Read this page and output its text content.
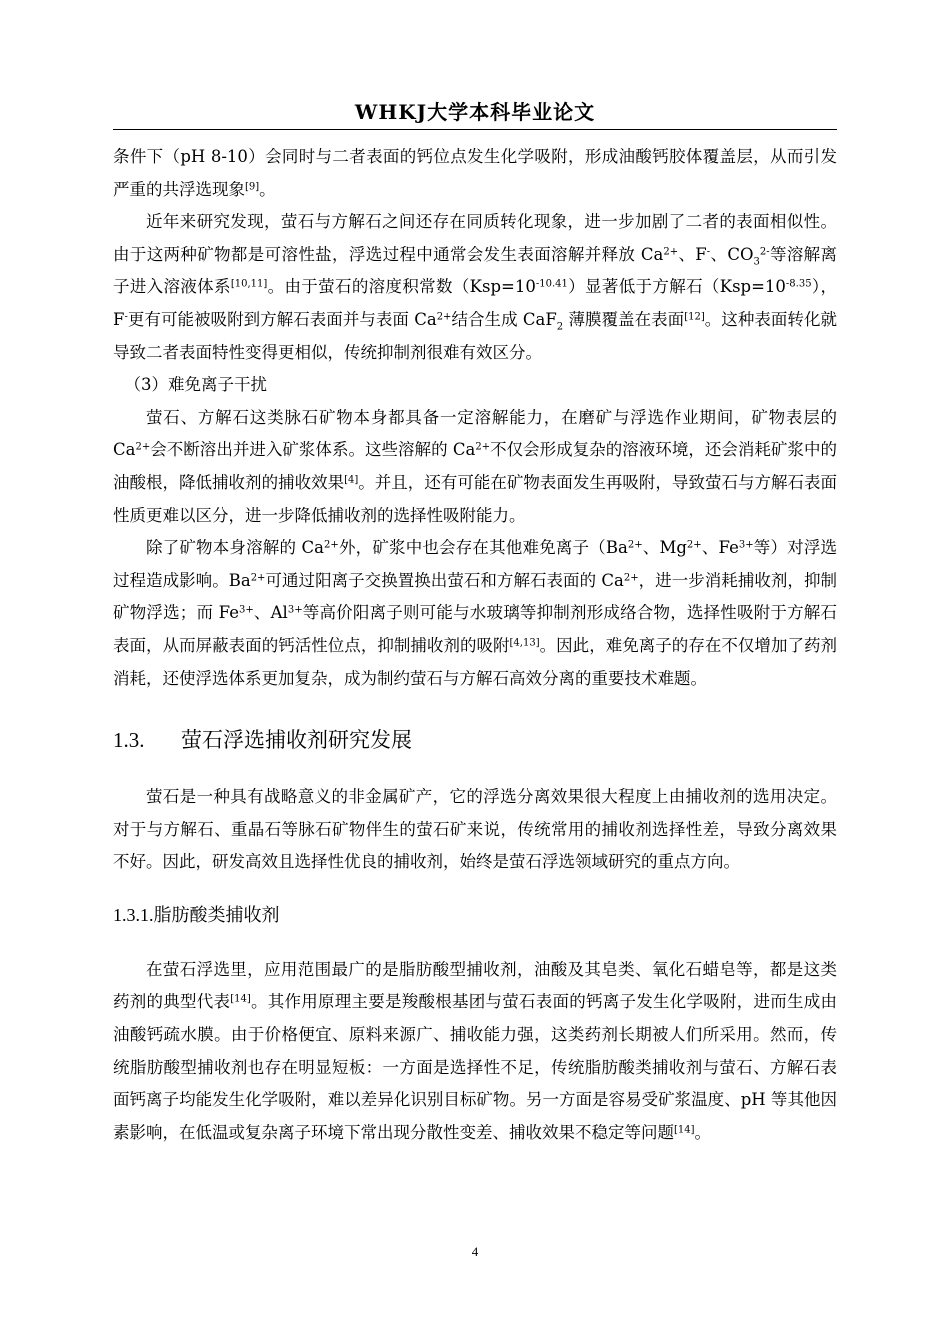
WHKJ大学本科毕业论文

条件下（pH 8-10）会同时与二者表面的钙位点发生化学吸附，形成油酸钙胶体覆盖层，从而引发严重的共浮选现象[9]。

近年来研究发现，萤石与方解石之间还存在同质转化现象，进一步加剧了二者的表面相似性。由于这两种矿物都是可溶性盐，浮选过程中通常会发生表面溶解并释放 $Ca^{2+}$、F-、$CO_3^{2-}$等溶解离子进入溶液体系[10,11]。由于萤石的溶度积常数$(Ksp=10^{-10.41})$显著低于方解石$(Ksp=10^{-8.35})$，F-更有可能被吸附到方解石表面并与表面 $Ca^{2+}$结合生成 CaF$_2$ 薄膜覆盖在表面[12]。这种表面转化就导致二者表面特性变得更相似，传统抑制剂很难有效区分。

（3）难免离子干扰

萤石、方解石这类脉石矿物本身都具备一定溶解能力，在磨矿与浮选作业期间，矿物表层的 $Ca^{2+}$会不断溶出并进入矿浆体系。这些溶解的 $Ca^{2+}$不仅会形成复杂的溶液环境，还会消耗矿浆中的油酸根，降低捕收剂的捕收效果[4]。并且，还有可能在矿物表面发生再吸附，导致萤石与方解石表面性质更难以区分，进一步降低捕收剂的选择性吸附能力。

除了矿物本身溶解的 $Ca^{2+}$外，矿浆中也会存在其他难免离子（$Ba^{2+}$、$Mg^{2+}$、$Fe^{3+}$等）对浮选过程造成影响。$Ba^{2+}$可通过阳离子交换置换出萤石和方解石表面的 $Ca^{2+}$，进一步消耗捕收剂，抑制矿物浮选；而 $Fe^{3+}$、$Al^{3+}$等高价阳离子则可能与水玻璃等抑制剂形成络合物，选择性吸附于方解石表面，从而屏蔽表面的钙活性位点，抑制捕收剂的吸附[4,13]。因此，难免离子的存在不仅增加了药剂消耗，还使浮选体系更加复杂，成为制约萤石与方解石高效分离的重要技术难题。

1.3. 萤石浮选捕收剂研究发展

萤石是一种具有战略意义的非金属矿产，它的浮选分离效果很大程度上由捕收剂的选用决定。对于与方解石、重晶石等脉石矿物伴生的萤石矿来说，传统常用的捕收剂选择性差，导致分离效果不好。因此，研发高效且选择性优良的捕收剂，始终是萤石浮选领域研究的重点方向。

1.3.1.脂肪酸类捕收剂

在萤石浮选里，应用范围最广的是脂肪酸型捕收剂，油酸及其皂类、氧化石蜡皂等，都是这类药剂的典型代表[14]。其作用原理主要是羧酸根基团与萤石表面的钙离子发生化学吸附，进而生成由油酸钙疏水膜。由于价格便宜、原料来源广、捕收能力强，这类药剂长期被人们所采用。然而，传统脂肪酸型捕收剂也存在明显短板：一方面是选择性不足，传统脂肪酸类捕收剂与萤石、方解石表面钙离子均能发生化学吸附，难以差异化识别目标矿物。另一方面是容易受矿浆温度、pH 等其他因素影响，在低温或复杂离子环境下常出现分散性变差、捕收效果不稳定等问题[14]。

4
